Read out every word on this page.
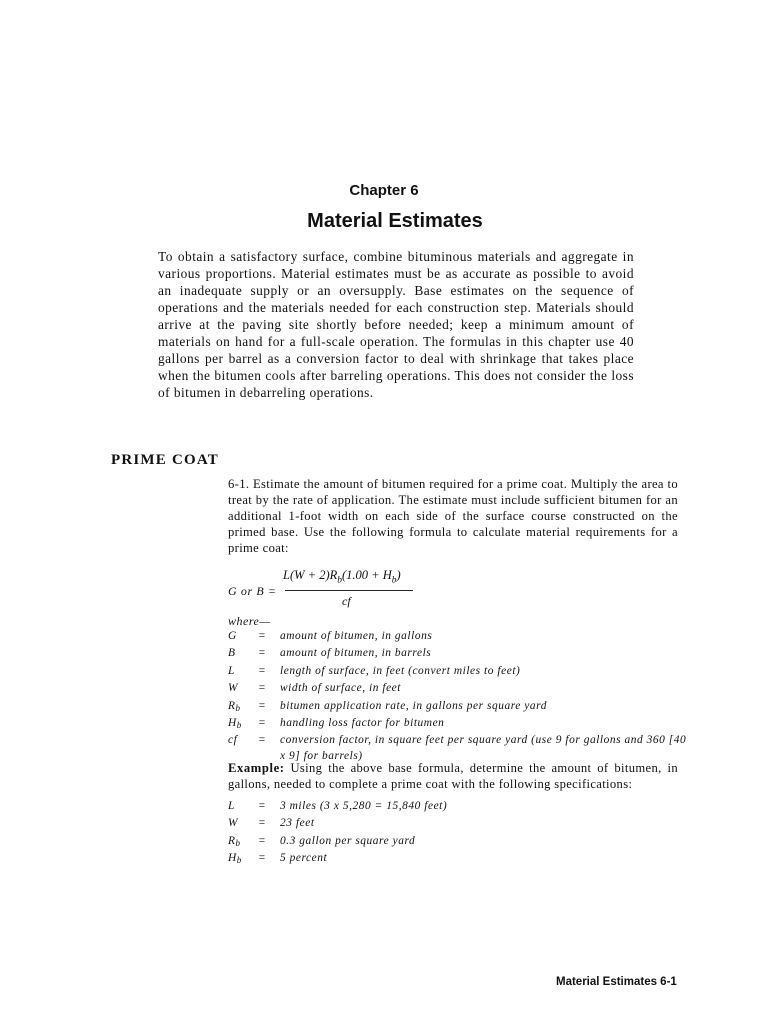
Chapter 6
Material Estimates

To obtain a satisfactory surface, combine bituminous materials and aggregate in various proportions. Material estimates must be as accurate as possible to avoid an inadequate supply or an oversupply. Base estimates on the sequence of operations and the materials needed for each construction step. Materials should arrive at the paving site shortly before needed; keep a minimum amount of materials on hand for a full-scale operation. The formulas in this chapter use 40 gallons per barrel as a conversion factor to deal with shrinkage that takes place when the bitumen cools after barreling operations. This does not consider the loss of bitumen in debarreling operations.

PRIME COAT

6-1. Estimate the amount of bitumen required for a prime coat. Multiply the area to treat by the rate of application. The estimate must include sufficient bitumen for an additional 1-foot width on each side of the surface course constructed on the primed base. Use the following formula to calculate material requirements for a prime coat:

G or B =
$L(W + 2)R_b(1.00 + H_b)$
cf
where—
G	=	amount of bitumen, in gallons
B	=	amount of bitumen, in barrels
L	=	length of surface, in feet (convert miles to feet)
W	=	width of surface, in feet
$R_b$	=	bitumen application rate, in gallons per square yard
$H_b$	=	handling loss factor for bitumen
cf	=	conversion factor, in square feet per square yard (use 9 for gallons and 360 [40 x 9] for barrels)

Example: Using the above base formula, determine the amount of bitumen, in gallons, needed to complete a prime coat with the following specifications:

L	=	3 miles (3 x 5,280 = 15,840 feet)
W	=	23 feet
$R_b$	=	0.3 gallon per square yard
$H_b$	=	5 percent
Material Estimates 6-1
